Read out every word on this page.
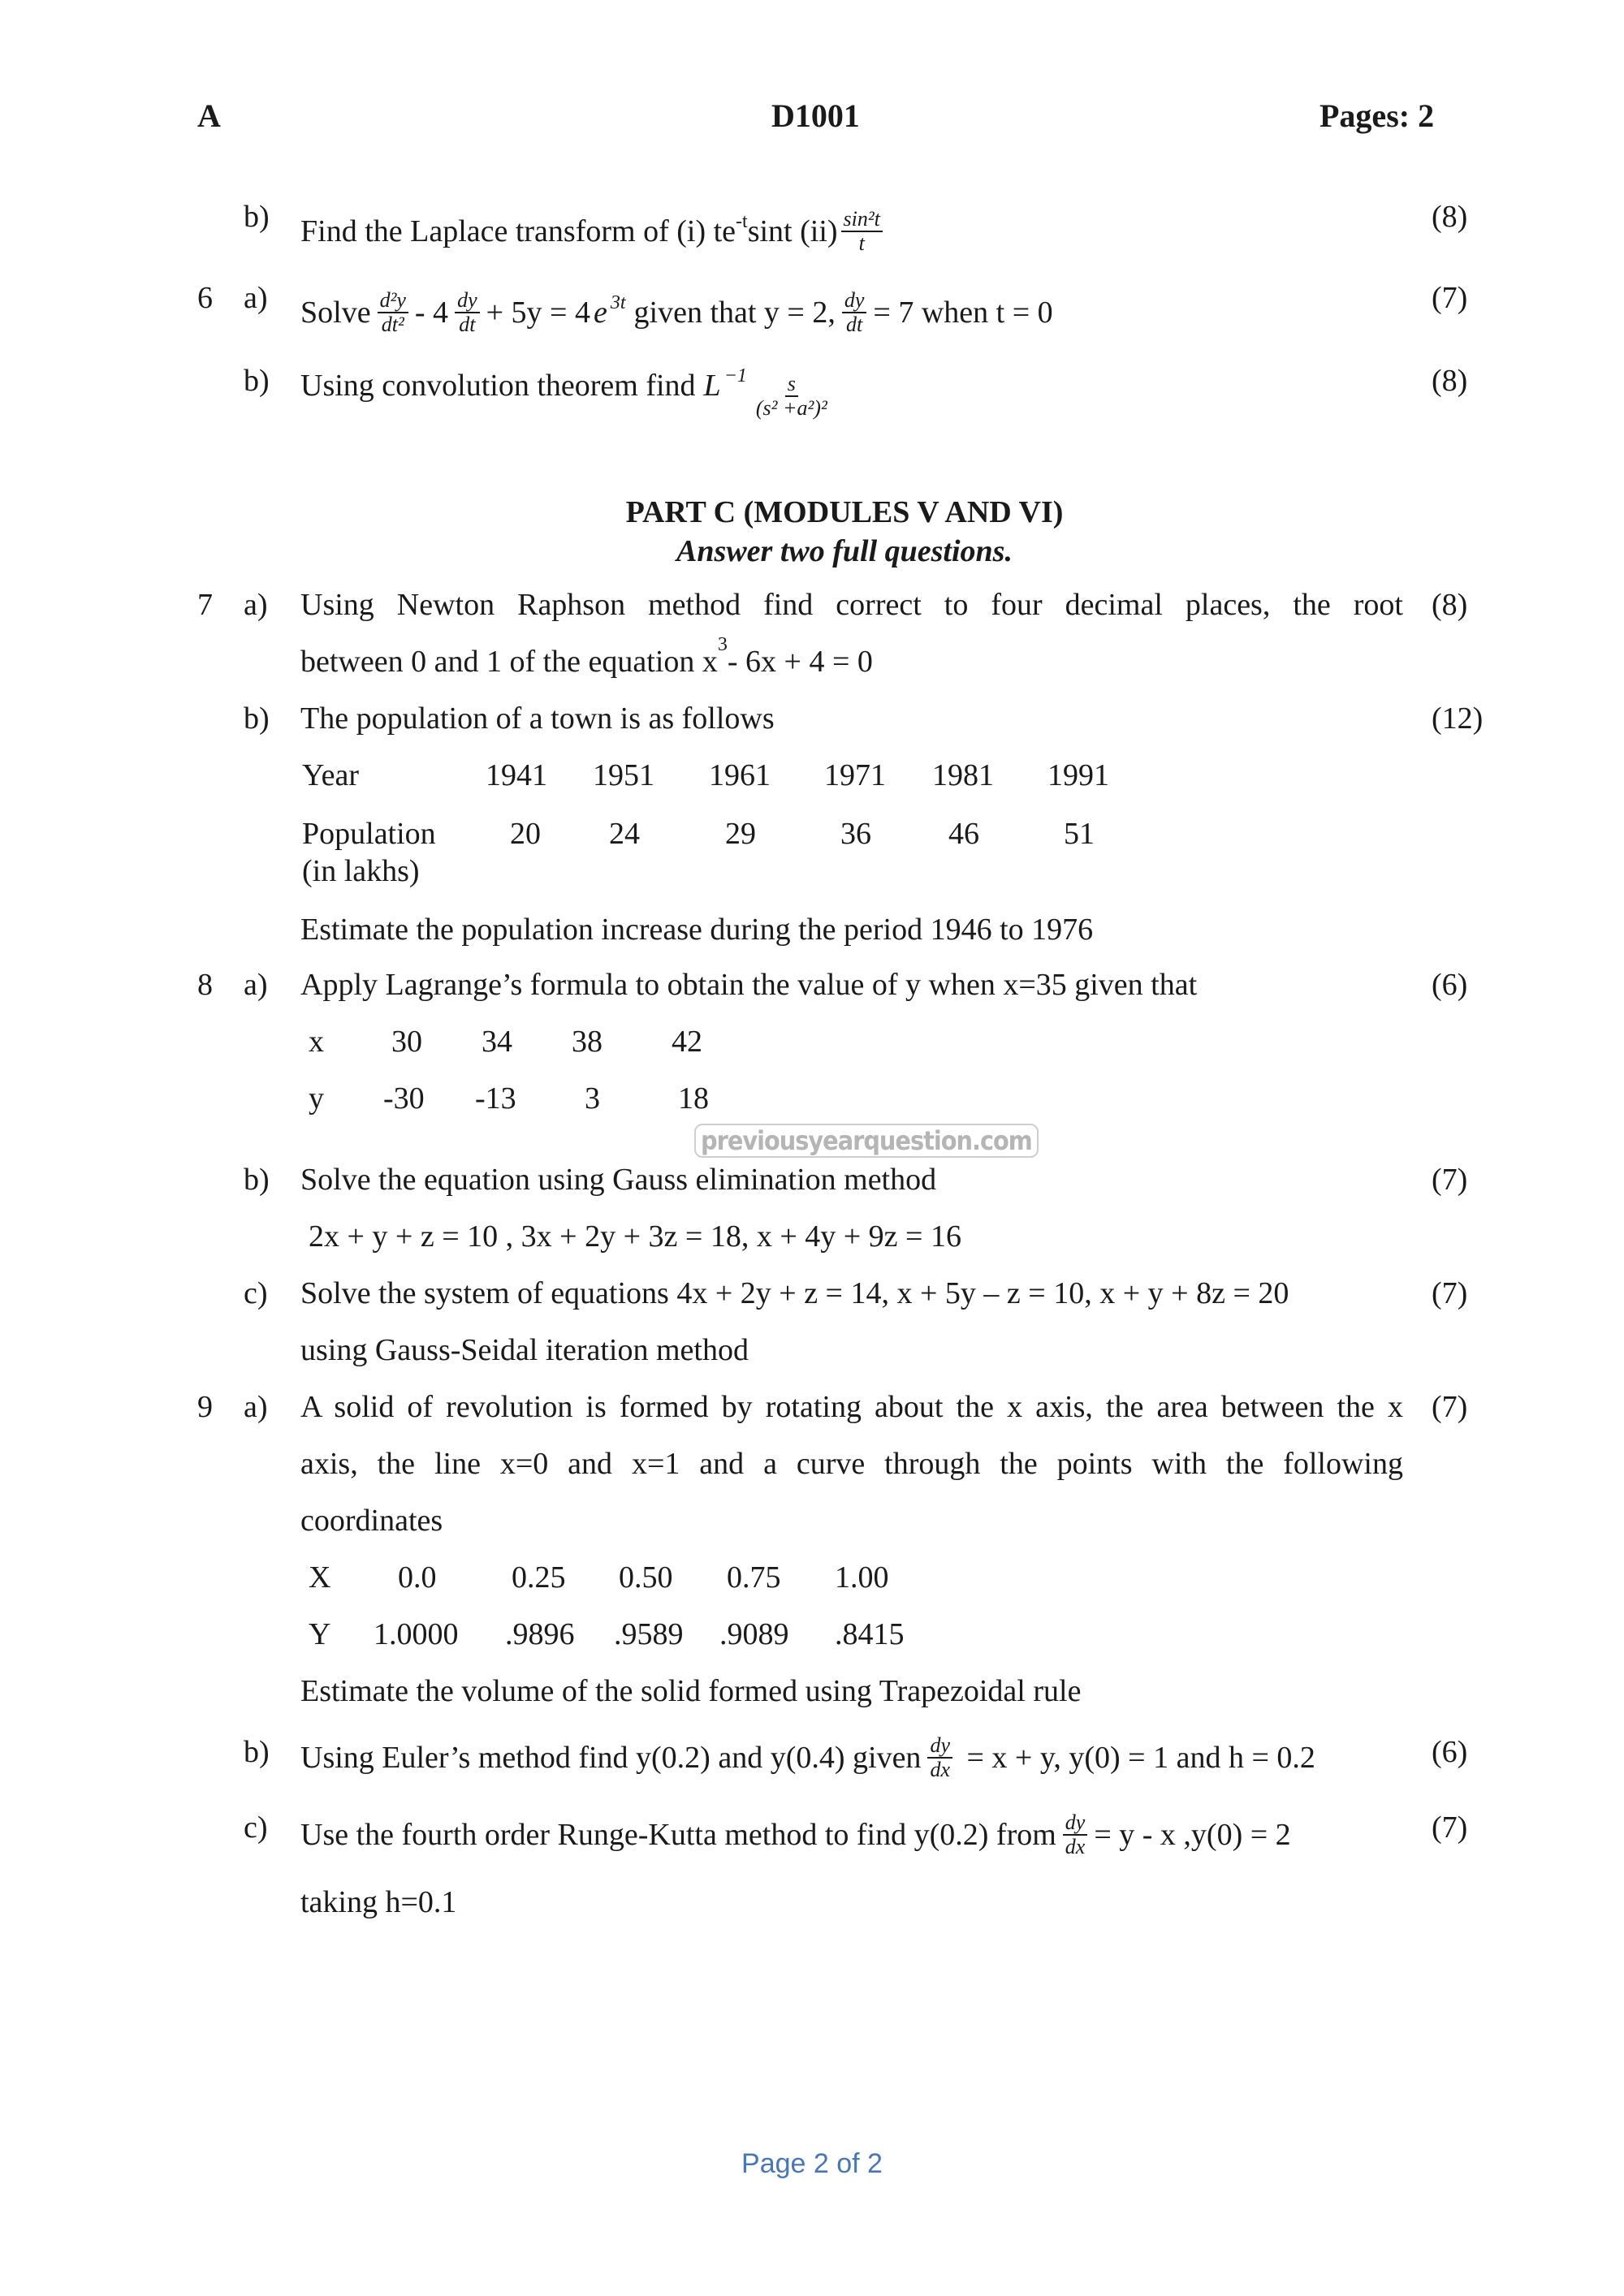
A	D1001	Pages: 2
b) Find the Laplace transform of (i) $te^{-t}$ sint $(ii) \frac{\text{sin²t}}{t}$	(8)
6 a) Solve $\frac{\text{d²y}}{\text{dt²}} - 4 \frac{dy}{dt} + 5y = 4$ $e^{3t}$ given that y = 2, $\frac{dy}{dt} = 7$ when t = 0	(7)
b) Using convolution theorem find $L^{-1} \frac{s}{\text{(s² +a²)²}}$	(8)
PART C (MODULES V AND VI)
Answer two full questions.
7 a) Using Newton Raphson method find correct to four decimal places, the root
between 0 and 1 of the equation $x^3-$ 6x + 4 = 0
(8)
b) The population of a town is as follows	(12)
Year	1941 1951 1961 1971 1981 1991
Population
(in lakhs)
20 24	29	36	46	51
Estimate the population increase during the period 1946 to 1976
8 a) Apply Lagrange’s formula to obtain the value of y when x=35 given that	(6)
x 30 34 38 42
y -30 -13 3	18
previousyearquestion.com
b) Solve the equation using Gauss elimination method	(7)
2x + y + z = 10 , 3x + 2y + 3z = 18, x + 4y + 9z = 16
c) Solve the system of equations 4x + 2y + z = 14, x + 5y – z = 10, x + y + 8z = 20
using Gauss-Seidal iteration method
(7)
9 a) A solid of revolution is formed by rotating about the x axis, the area between the x
axis, the line x=0 and x=1 and a curve through the points with the following
coordinates
(7)
X 0.0 0.25 0.50 0.75 1.00
Y 1.0000 .9896 .9589 .9089 .8415
Estimate the volume of the solid formed using Trapezoidal rule
b) Using Euler’s method find y(0.2) and y(0.4) given $\frac{dy}{dx} = x + y$, y(0) = 1 and h = 0.2	(6)
c) Use the fourth order Runge-Kutta method to find y(0.2) from $\frac{dy}{dx} = y - x$ ,y(0) = 2	(7)
taking h=0.1
Page 2 of 2
